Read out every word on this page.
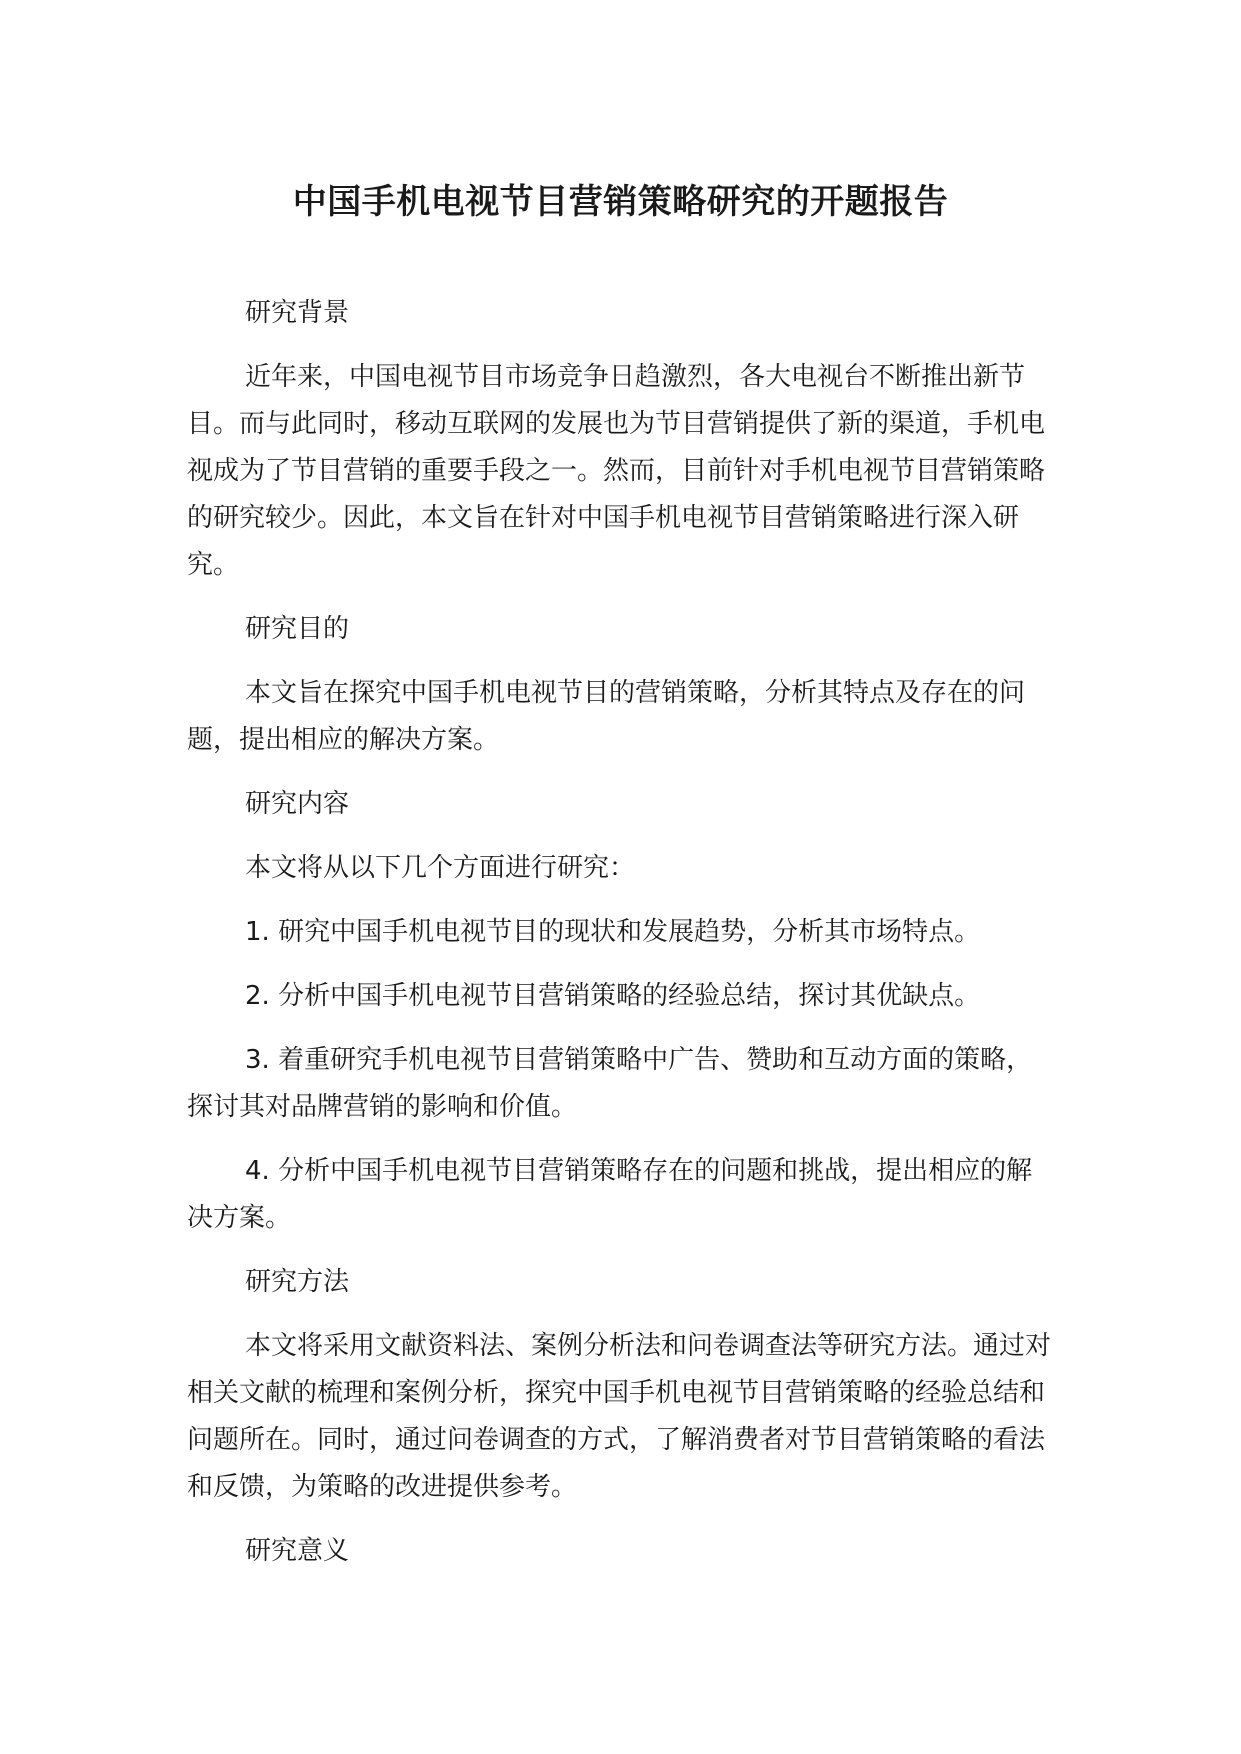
中国手机电视节目营销策略研究的开题报告

研究背景

近年来，中国电视节目市场竞争日趋激烈，各大电视台不断推出新节目。而与此同时，移动互联网的发展也为节目营销提供了新的渠道，手机电视成为了节目营销的重要手段之一。然而，目前针对手机电视节目营销策略的研究较少。因此，本文旨在针对中国手机电视节目营销策略进行深入研究。

研究目的

本文旨在探究中国手机电视节目的营销策略，分析其特点及存在的问题，提出相应的解决方案。

研究内容

本文将从以下几个方面进行研究：

1. 研究中国手机电视节目的现状和发展趋势，分析其市场特点。

2. 分析中国手机电视节目营销策略的经验总结，探讨其优缺点。

3. 着重研究手机电视节目营销策略中广告、赞助和互动方面的策略，探讨其对品牌营销的影响和价值。

4. 分析中国手机电视节目营销策略存在的问题和挑战，提出相应的解决方案。

研究方法

本文将采用文献资料法、案例分析法和问卷调查法等研究方法。通过对相关文献的梳理和案例分析，探究中国手机电视节目营销策略的经验总结和问题所在。同时，通过问卷调查的方式，了解消费者对节目营销策略的看法和反馈，为策略的改进提供参考。

研究意义
